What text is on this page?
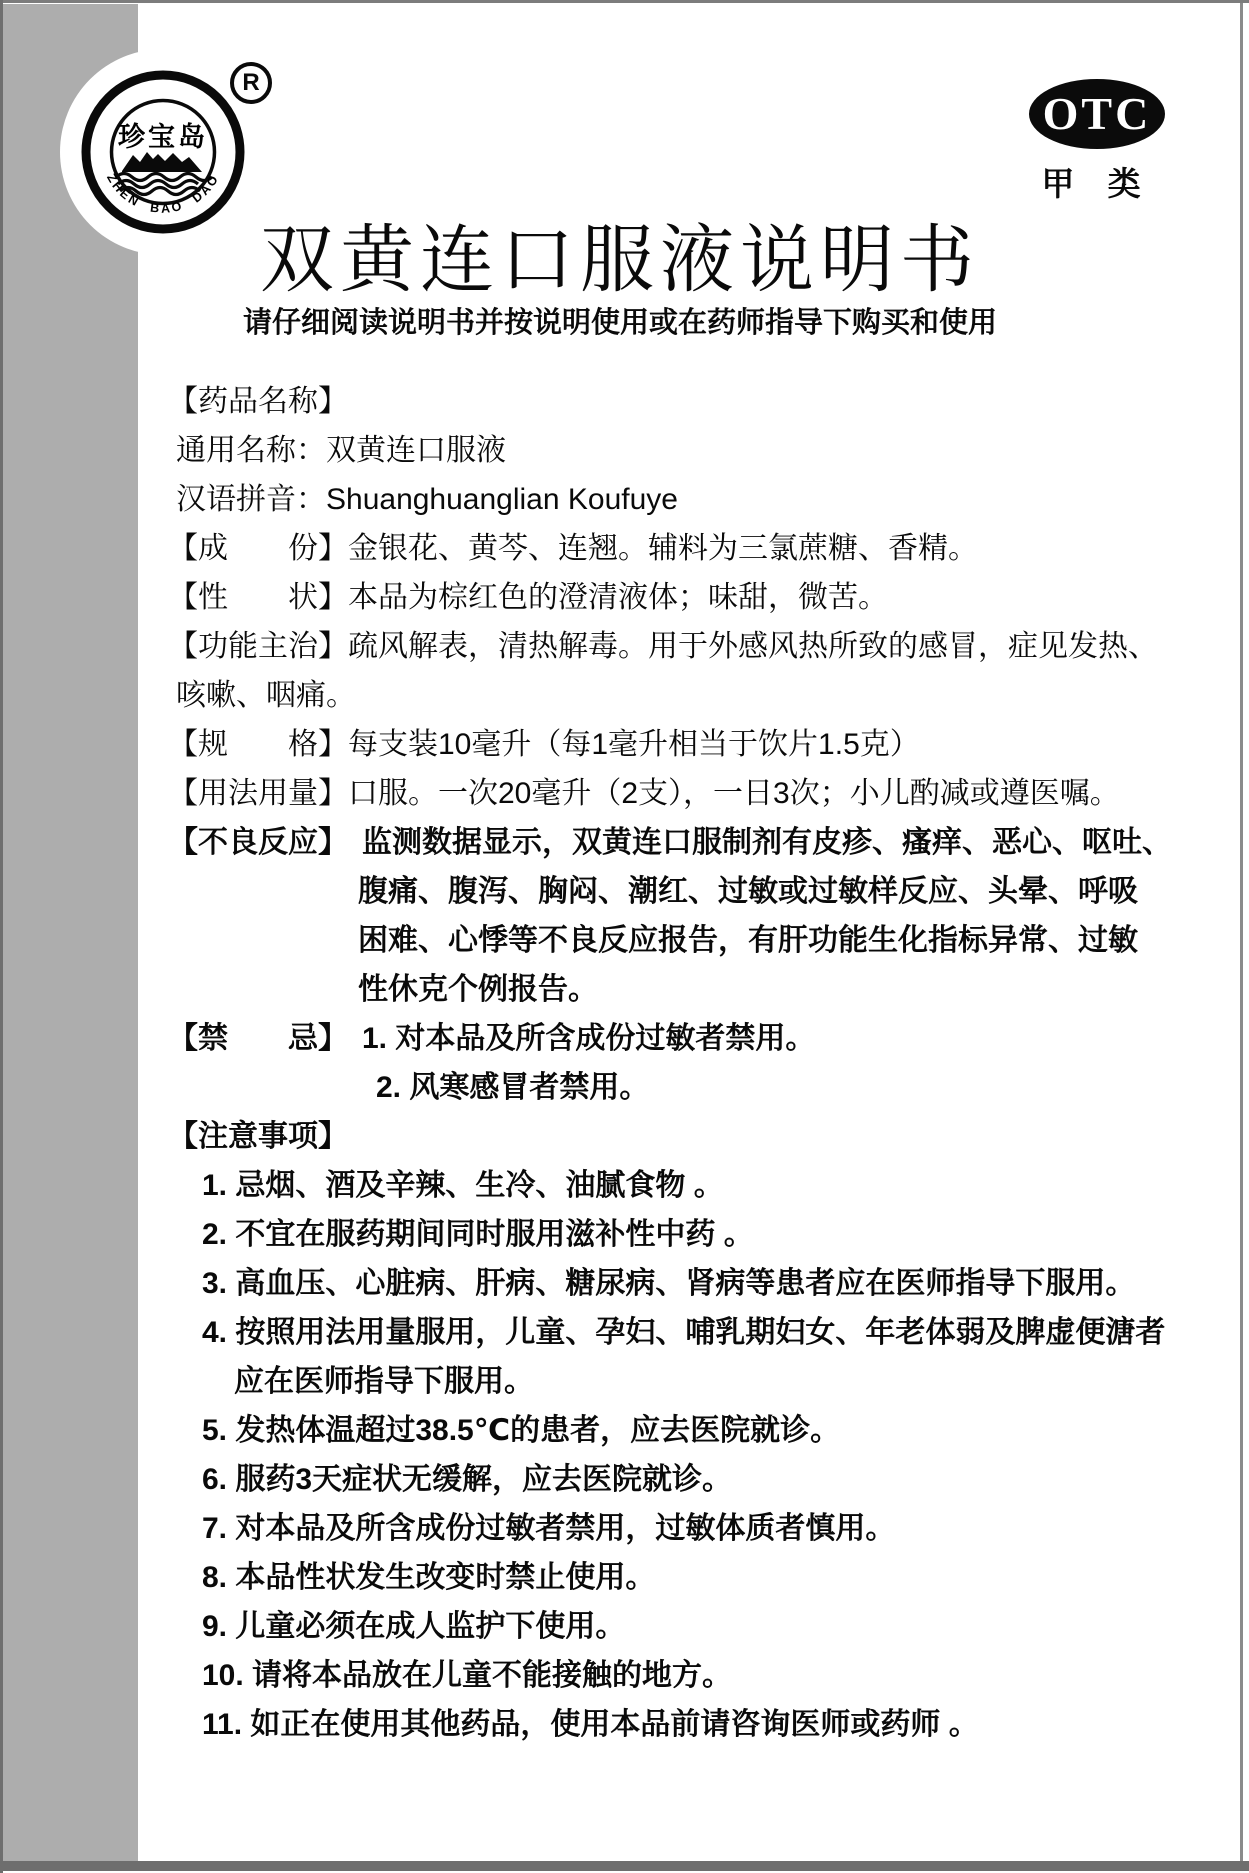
珍宝岛
ZHEN BAO DAO
R
OTC
甲 类
双黄连口服液说明书
请仔细阅读说明书并按说明使用或在药师指导下购买和使用
【药品名称】
通用名称：双黄连口服液
汉语拼音：Shuanghuanglian Koufuye
【成　　份】金银花、黄芩、连翘。辅料为三氯蔗糖、香精。
【性　　状】本品为棕红色的澄清液体；味甜，微苦。
【功能主治】疏风解表，清热解毒。用于外感风热所致的感冒，症见发热、
咳嗽、咽痛。
【规　　格】每支装10毫升（每1毫升相当于饮片1.5克）
【用法用量】口服。一次20毫升（2支），一日3次；小儿酌减或遵医嘱。
【不良反应】 监测数据显示，双黄连口服制剂有皮疹、瘙痒、恶心、呕吐、
腹痛、腹泻、胸闷、潮红、过敏或过敏样反应、头晕、呼吸
困难、心悸等不良反应报告，有肝功能生化指标异常、过敏
性休克个例报告。
【禁　　忌】 1. 对本品及所含成份过敏者禁用。
2. 风寒感冒者禁用。
【注意事项】
1. 忌烟、酒及辛辣、生冷、油腻食物 。
2. 不宜在服药期间同时服用滋补性中药 。
3. 高血压、心脏病、肝病、糖尿病、肾病等患者应在医师指导下服用。
4. 按照用法用量服用，儿童、孕妇、哺乳期妇女、年老体弱及脾虚便溏者
应在医师指导下服用。
5. 发热体温超过38.5℃的患者，应去医院就诊。
6. 服药3天症状无缓解，应去医院就诊。
7. 对本品及所含成份过敏者禁用，过敏体质者慎用。
8. 本品性状发生改变时禁止使用。
9. 儿童必须在成人监护下使用。
10. 请将本品放在儿童不能接触的地方。
11. 如正在使用其他药品，使用本品前请咨询医师或药师 。
